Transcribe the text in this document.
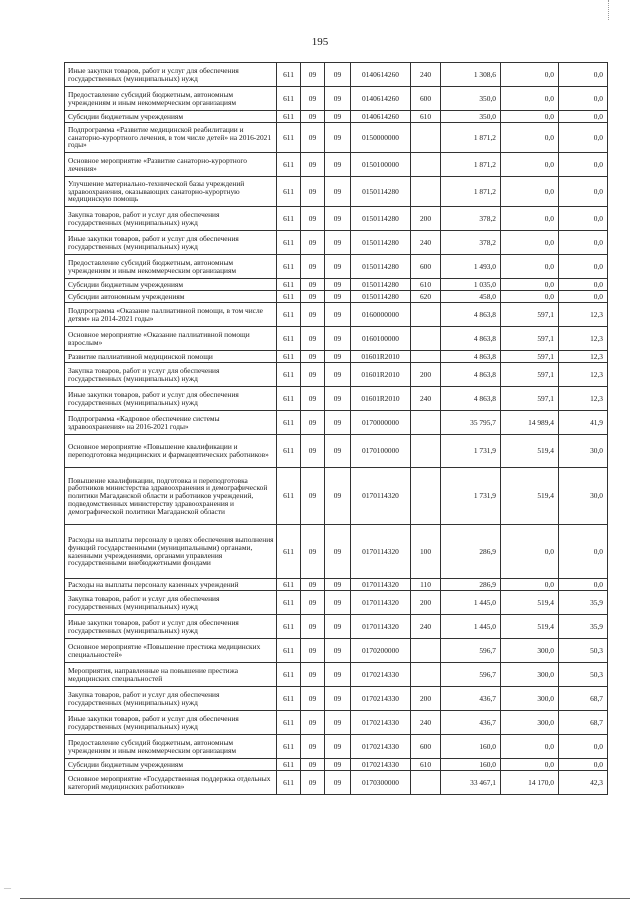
195
Иные закупки товаров, работ и услуг для обеспечения государственных (муниципальных) нужд	611	09	09	0140614260	240	1 308,6	0,0	0,0
Предоставление субсидий бюджетным, автономным учреждениям и иным некоммерческим организациям	611	09	09	0140614260	600	350,0	0,0	0,0
Субсидии бюджетным учреждениям	611	09	09	0140614260	610	350,0	0,0	0,0
Подпрограмма «Развитие медицинской реабилитации и санаторно-курортного лечения, в том числе детей» на 2016-2021 годы»	611	09	09	0150000000		1 871,2	0,0	0,0
Основное мероприятие «Развитие санаторно-курортного лечения»	611	09	09	0150100000		1 871,2	0,0	0,0
Улучшение материально-технической базы учреждений здравоохранения, оказывающих санаторно-курортную медицинскую помощь	611	09	09	0150114280		1 871,2	0,0	0,0
Закупка товаров, работ и услуг для обеспечения государственных (муниципальных) нужд	611	09	09	0150114280	200	378,2	0,0	0,0
Иные закупки товаров, работ и услуг для обеспечения государственных (муниципальных) нужд	611	09	09	0150114280	240	378,2	0,0	0,0
Предоставление субсидий бюджетным, автономным учреждениям и иным некоммерческим организациям	611	09	09	0150114280	600	1 493,0	0,0	0,0
Субсидии бюджетным учреждениям	611	09	09	0150114280	610	1 035,0	0,0	0,0
Субсидии автономным учреждениям	611	09	09	0150114280	620	458,0	0,0	0,0
Подпрограмма «Оказание паллиативной помощи, в том числе детям» на 2014-2021 годы»	611	09	09	0160000000		4 863,8	597,1	12,3
Основное мероприятие «Оказание паллиативной помощи взрослым»	611	09	09	0160100000		4 863,8	597,1	12,3
Развитие паллиативной медицинской помощи	611	09	09	01601R2010		4 863,8	597,1	12,3
Закупка товаров, работ и услуг для обеспечения государственных (муниципальных) нужд	611	09	09	01601R2010	200	4 863,8	597,1	12,3
Иные закупки товаров, работ и услуг для обеспечения государственных (муниципальных) нужд	611	09	09	01601R2010	240	4 863,8	597,1	12,3
Подпрограмма «Кадровое обеспечение системы здравоохранения» на 2016-2021 годы»	611	09	09	0170000000		35 795,7	14 989,4	41,9
Основное мероприятие «Повышение квалификации и переподготовка медицинских и фармацевтических работников»	611	09	09	0170100000		1 731,9	519,4	30,0
Повышение квалификации, подготовка и переподготовка работников министерства здравоохранения и демографической политики Магаданской области и работников учреждений, подведомственных министерству здравоохранения и демографической политики Магаданской области	611	09	09	0170114320		1 731,9	519,4	30,0
Расходы на выплаты персоналу в целях обеспечения выполнения функций государственными (муниципальными) органами, казенными учреждениями, органами управления государственными внебюджетными фондами	611	09	09	0170114320	100	286,9	0,0	0,0
Расходы на выплаты персоналу казенных учреждений	611	09	09	0170114320	110	286,9	0,0	0,0
Закупка товаров, работ и услуг для обеспечения государственных (муниципальных) нужд	611	09	09	0170114320	200	1 445,0	519,4	35,9
Иные закупки товаров, работ и услуг для обеспечения государственных (муниципальных) нужд	611	09	09	0170114320	240	1 445,0	519,4	35,9
Основное мероприятие «Повышение престижа медицинских специальностей»	611	09	09	0170200000		596,7	300,0	50,3
Мероприятия, направленные на повышение престижа медицинских специальностей	611	09	09	0170214330		596,7	300,0	50,3
Закупка товаров, работ и услуг для обеспечения государственных (муниципальных) нужд	611	09	09	0170214330	200	436,7	300,0	68,7
Иные закупки товаров, работ и услуг для обеспечения государственных (муниципальных) нужд	611	09	09	0170214330	240	436,7	300,0	68,7
Предоставление субсидий бюджетным, автономным учреждениям и иным некоммерческим организациям	611	09	09	0170214330	600	160,0	0,0	0,0
Субсидии бюджетным учреждениям	611	09	09	0170214330	610	160,0	0,0	0,0
Основное мероприятие «Государственная поддержка отдельных категорий медицинских работников»	611	09	09	0170300000		33 467,1	14 170,0	42,3
—
